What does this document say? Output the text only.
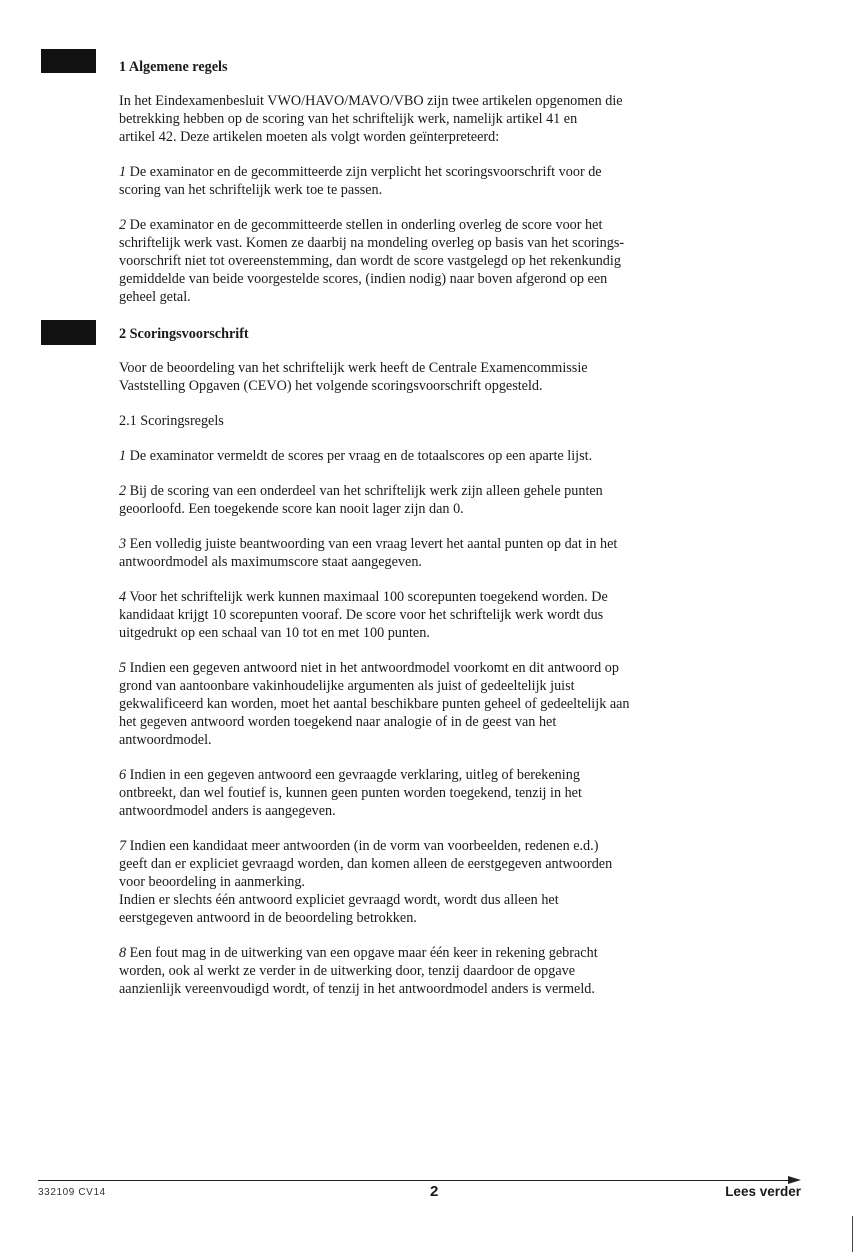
1 Algemene regels
In het Eindexamenbesluit VWO/HAVO/MAVO/VBO zijn twee artikelen opgenomen die
betrekking hebben op de scoring van het schriftelijk werk, namelijk artikel 41 en
artikel 42. Deze artikelen moeten als volgt worden geïnterpreteerd:
1 De examinator en de gecommitteerde zijn verplicht het scoringsvoorschrift voor de
scoring van het schriftelijk werk toe te passen.
2 De examinator en de gecommitteerde stellen in onderling overleg de score voor het
schriftelijk werk vast. Komen ze daarbij na mondeling overleg op basis van het scorings-
voorschrift niet tot overeenstemming, dan wordt de score vastgelegd op het rekenkundig
gemiddelde van beide voorgestelde scores, (indien nodig) naar boven afgerond op een
geheel getal.
2 Scoringsvoorschrift
Voor de beoordeling van het schriftelijk werk heeft de Centrale Examencommissie
Vaststelling Opgaven (CEVO) het volgende scoringsvoorschrift opgesteld.
2.1 Scoringsregels
1 De examinator vermeldt de scores per vraag en de totaalscores op een aparte lijst.
2 Bij de scoring van een onderdeel van het schriftelijk werk zijn alleen gehele punten
geoorloofd. Een toegekende score kan nooit lager zijn dan 0.
3 Een volledig juiste beantwoording van een vraag levert het aantal punten op dat in het
antwoordmodel als maximumscore staat aangegeven.
4 Voor het schriftelijk werk kunnen maximaal 100 scorepunten toegekend worden. De
kandidaat krijgt 10 scorepunten vooraf. De score voor het schriftelijk werk wordt dus
uitgedrukt op een schaal van 10 tot en met 100 punten.
5 Indien een gegeven antwoord niet in het antwoordmodel voorkomt en dit antwoord op
grond van aantoonbare vakinhoudelijke argumenten als juist of gedeeltelijk juist
gekwalificeerd kan worden, moet het aantal beschikbare punten geheel of gedeeltelijk aan
het gegeven antwoord worden toegekend naar analogie of in de geest van het
antwoordmodel.
6 Indien in een gegeven antwoord een gevraagde verklaring, uitleg of berekening
ontbreekt, dan wel foutief is, kunnen geen punten worden toegekend, tenzij in het
antwoordmodel anders is aangegeven.
7 Indien een kandidaat meer antwoorden (in de vorm van voorbeelden, redenen e.d.)
geeft dan er expliciet gevraagd worden, dan komen alleen de eerstgegeven antwoorden
voor beoordeling in aanmerking.
Indien er slechts één antwoord expliciet gevraagd wordt, wordt dus alleen het
eerstgegeven antwoord in de beoordeling betrokken.
8 Een fout mag in de uitwerking van een opgave maar één keer in rekening gebracht
worden, ook al werkt ze verder in de uitwerking door, tenzij daardoor de opgave
aanzienlijk vereenvoudigd wordt, of tenzij in het antwoordmodel anders is vermeld.
332109 CV14	2	Lees verder
